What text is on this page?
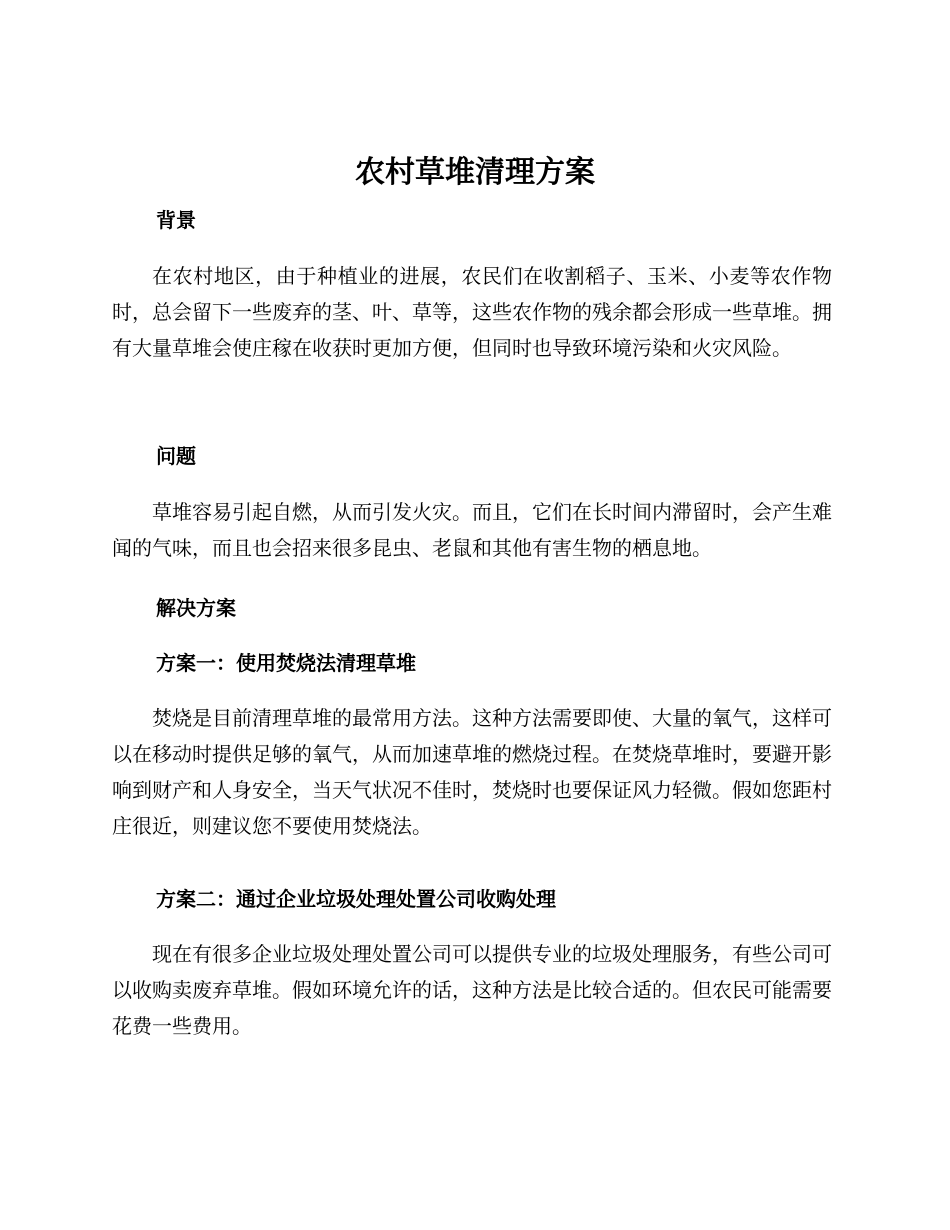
农村草堆清理方案
背景

在农村地区，由于种植业的进展，农民们在收割稻子、玉米、小麦等农作物时，总会留下一些废弃的茎、叶、草等，这些农作物的残余都会形成一些草堆。拥有大量草堆会使庄稼在收获时更加方便，但同时也导致环境污染和火灾风险。

问题

草堆容易引起自燃，从而引发火灾。而且，它们在长时间内滞留时，会产生难闻的气味，而且也会招来很多昆虫、老鼠和其他有害生物的栖息地。

解决方案
方案一：使用焚烧法清理草堆

焚烧是目前清理草堆的最常用方法。这种方法需要即使、大量的氧气，这样可以在移动时提供足够的氧气，从而加速草堆的燃烧过程。在焚烧草堆时，要避开影响到财产和人身安全，当天气状况不佳时，焚烧时也要保证风力轻微。假如您距村庄很近，则建议您不要使用焚烧法。

方案二：通过企业垃圾处理处置公司收购处理

现在有很多企业垃圾处理处置公司可以提供专业的垃圾处理服务，有些公司可以收购卖废弃草堆。假如环境允许的话，这种方法是比较合适的。但农民可能需要花费一些费用。
